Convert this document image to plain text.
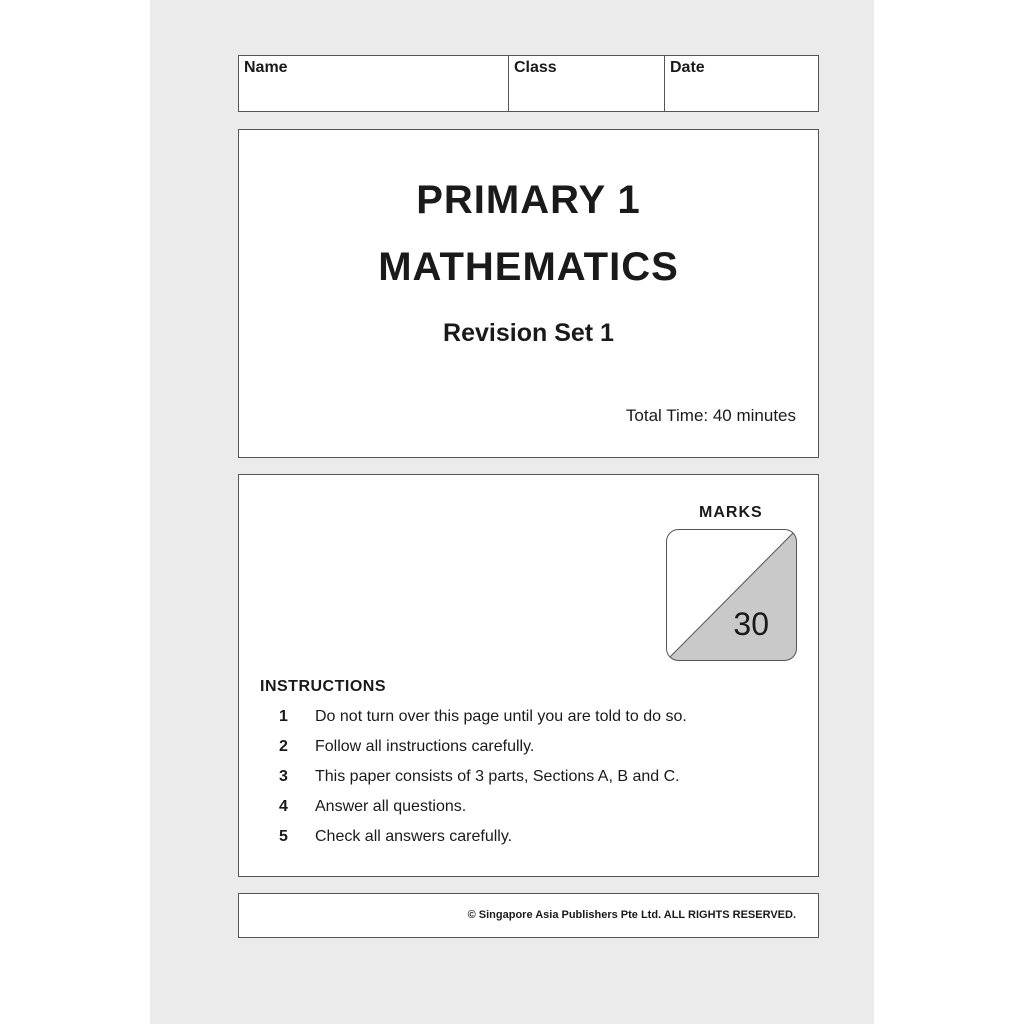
Name	Class	Date
PRIMARY 1
MATHEMATICS
Revision Set 1
Total Time: 40 minutes
MARKS
30
INSTRUCTIONS
1	Do not turn over this page until you are told to do so.
2	Follow all instructions carefully.
3	This paper consists of 3 parts, Sections A, B and C.
4	Answer all questions.
5	Check all answers carefully.
© Singapore Asia Publishers Pte Ltd. ALL RIGHTS RESERVED.
